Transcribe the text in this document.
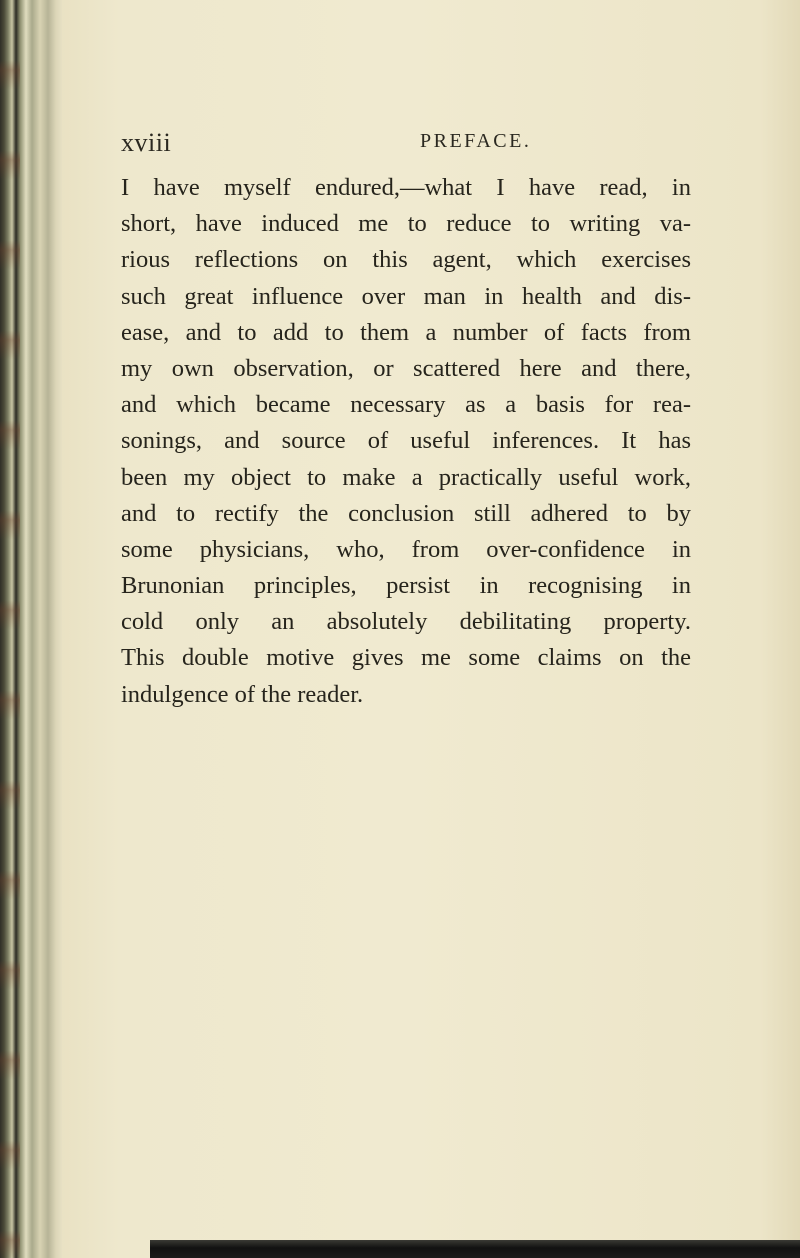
xviii	PREFACE.
I have myself endured,—what I have read, in
short, have induced me to reduce to writing va-
rious reflections on this agent, which exercises
such great influence over man in health and dis-
ease, and to add to them a number of facts from
my own observation, or scattered here and there,
and which became necessary as a basis for rea-
sonings, and source of useful inferences. It has
been my object to make a practically useful work,
and to rectify the conclusion still adhered to by
some physicians, who, from over-confidence in
Brunonian principles, persist in recognising in
cold only an absolutely debilitating property.
This double motive gives me some claims on the
indulgence of the reader.
